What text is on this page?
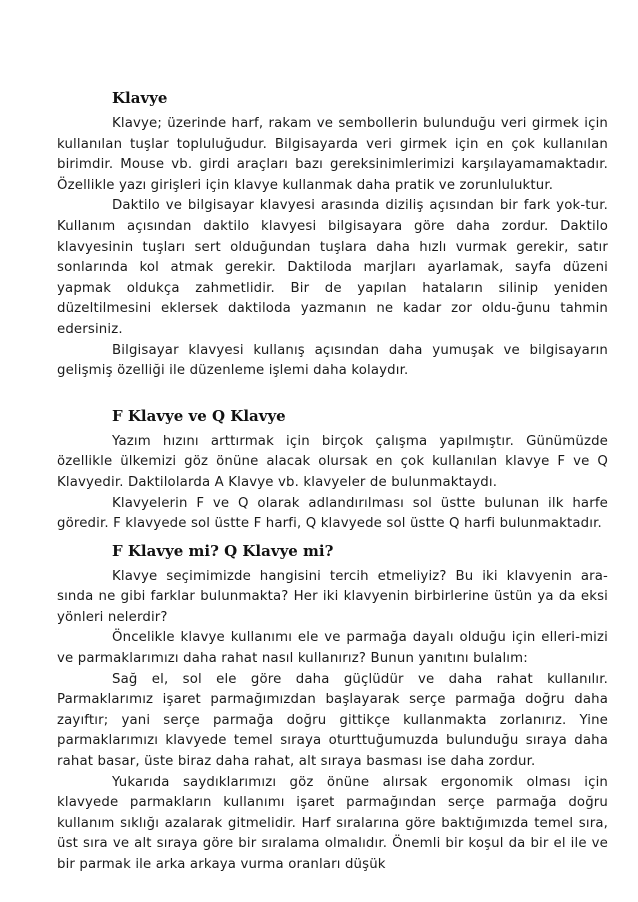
Klavye

Klavye; üzerinde harf, rakam ve sembollerin bulunduğu veri girmek için kullanılan tuşlar topluluğudur. Bilgisayarda veri girmek için en çok kullanılan birimdir. Mouse vb. girdi araçları bazı gereksinimlerimizi karşılayamamaktadır. Özellikle yazı girişleri için klavye kullanmak daha pratik ve zorunluluktur.

Daktilo ve bilgisayar klavyesi arasında diziliş açısından bir fark yok-tur. Kullanım açısından daktilo klavyesi bilgisayara göre daha zordur. Daktilo klavyesinin tuşları sert olduğundan tuşlara daha hızlı vurmak gerekir, satır sonlarında kol atmak gerekir. Daktiloda marjları ayarlamak, sayfa düzeni yapmak oldukça zahmetlidir. Bir de yapılan hataların silinip yeniden düzeltilmesini eklersek daktiloda yazmanın ne kadar zor oldu-ğunu tahmin edersiniz.

Bilgisayar klavyesi kullanış açısından daha yumuşak ve bilgisayarın gelişmiş özelliği ile düzenleme işlemi daha kolaydır.

F Klavye ve Q Klavye

Yazım hızını arttırmak için birçok çalışma yapılmıştır. Günümüzde özellikle ülkemizi göz önüne alacak olursak en çok kullanılan klavye F ve Q Klavyedir. Daktilolarda A Klavye vb. klavyeler de bulunmaktaydı.

Klavyelerin F ve Q olarak adlandırılması sol üstte bulunan ilk harfe göredir. F klavyede sol üstte F harfi, Q klavyede sol üstte Q harfi bulunmaktadır.

F Klavye mi? Q Klavye mi?

Klavye seçimimizde hangisini tercih etmeliyiz? Bu iki klavyenin ara-sında ne gibi farklar bulunmakta? Her iki klavyenin birbirlerine üstün ya da eksi yönleri nelerdir?

Öncelikle klavye kullanımı ele ve parmağa dayalı olduğu için elleri-mizi ve parmaklarımızı daha rahat nasıl kullanırız? Bunun yanıtını bulalım:

Sağ el, sol ele göre daha güçlüdür ve daha rahat kullanılır. Parmaklarımız işaret parmağımızdan başlayarak serçe parmağa doğru daha zayıftır; yani serçe parmağa doğru gittikçe kullanmakta zorlanırız. Yine parmaklarımızı klavyede temel sıraya oturttuğumuzda bulunduğu sıraya daha rahat basar, üste biraz daha rahat, alt sıraya basması ise daha zordur.

Yukarıda saydıklarımızı göz önüne alırsak ergonomik olması için klavyede parmakların kullanımı işaret parmağından serçe parmağa doğru kullanım sıklığı azalarak gitmelidir. Harf sıralarına göre baktığımızda temel sıra, üst sıra ve alt sıraya göre bir sıralama olmalıdır. Önemli bir koşul da bir el ile ve bir parmak ile arka arkaya vurma oranları düşük
